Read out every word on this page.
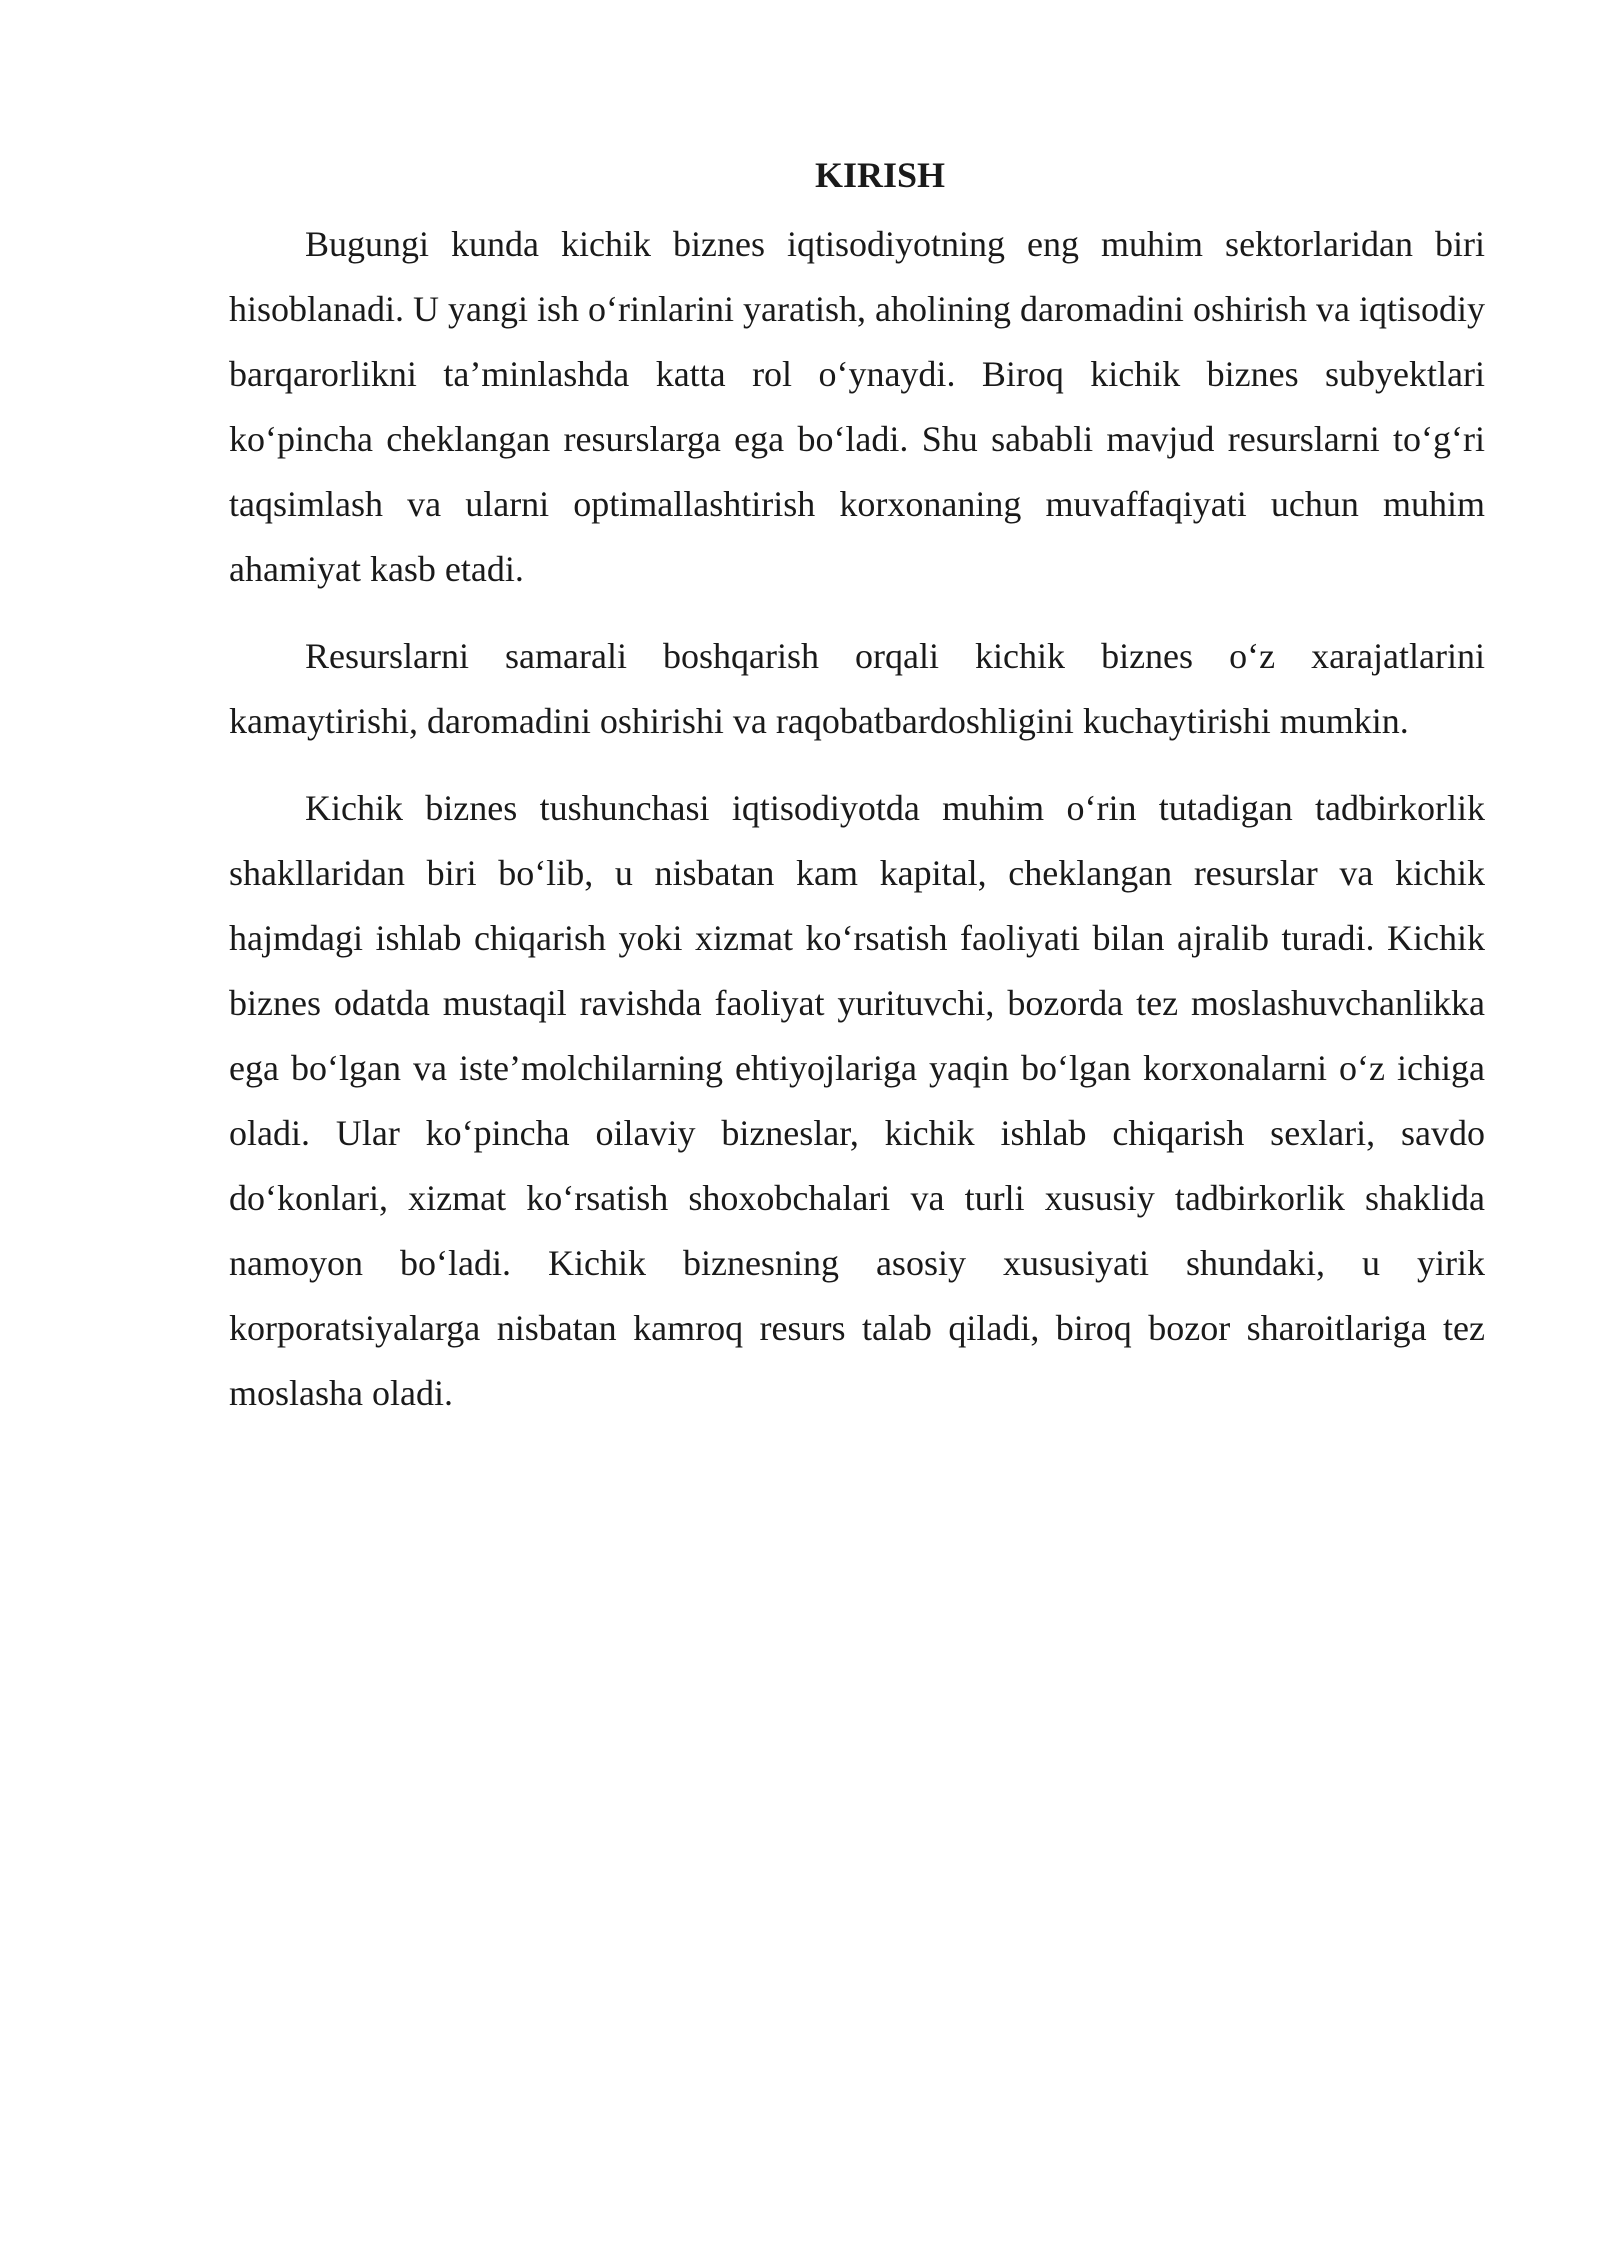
KIRISH

Bugungi kunda kichik biznes iqtisodiyotning eng muhim sektorlaridan biri hisoblanadi. U yangi ish o‘rinlarini yaratish, aholining daromadini oshirish va iqtisodiy barqarorlikni ta’minlashda katta rol o‘ynaydi. Biroq kichik biznes subyektlari ko‘pincha cheklangan resurslarga ega bo‘ladi. Shu sababli mavjud resurslarni to‘g‘ri taqsimlash va ularni optimallashtirish korxonaning muvaffaqiyati uchun muhim ahamiyat kasb etadi.

Resurslarni samarali boshqarish orqali kichik biznes o‘z xarajatlarini kamaytirishi, daromadini oshirishi va raqobatbardoshligini kuchaytirishi mumkin.

Kichik biznes tushunchasi iqtisodiyotda muhim o‘rin tutadigan tadbirkorlik shakllaridan biri bo‘lib, u nisbatan kam kapital, cheklangan resurslar va kichik hajmdagi ishlab chiqarish yoki xizmat ko‘rsatish faoliyati bilan ajralib turadi. Kichik biznes odatda mustaqil ravishda faoliyat yurituvchi, bozorda tez moslashuvchanlikka ega bo‘lgan va iste’molchilarning ehtiyojlariga yaqin bo‘lgan korxonalarni o‘z ichiga oladi. Ular ko‘pincha oilaviy bizneslar, kichik ishlab chiqarish sexlari, savdo do‘konlari, xizmat ko‘rsatish shoxobchalari va turli xususiy tadbirkorlik shaklida namoyon bo‘ladi. Kichik biznesning asosiy xususiyati shundaki, u yirik korporatsiyalarga nisbatan kamroq resurs talab qiladi, biroq bozor sharoitlariga tez moslasha oladi.
